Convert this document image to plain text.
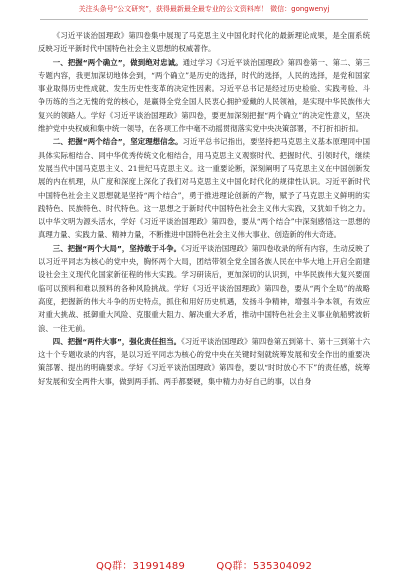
关注头条号“公文研究”，获得最新最全最专业的公文资料库！ 微信：gongwenyj

《习近平谈治国理政》第四卷集中展现了马克思主义中国化时代化的最新理论成果，是全面系统反映习近平新时代中国特色社会主义思想的权威著作。

一、把握“两个确立”，做到绝对忠诚。通过学习《习近平谈治国理政》第四卷第一、第二、第三专题内容，我更加深切地体会到，“两个确立”是历史的选择，时代的选择，人民的选择，是党和国家事业取得历史性成就、发生历史性变革的决定性因素。习近平总书记是经过历史检验、实践考验、斗争历练的当之无愧的党的核心，是赢得全党全国人民衷心拥护爱戴的人民领袖，是实现中华民族伟大复兴的领路人。学好《习近平谈治国理政》第四卷，要更加深刻把握“两个确立”的决定性意义，坚决维护党中央权威和集中统一领导，在各项工作中毫不动摇贯彻落实党中央决策部署，不打折扣折扣。

二、把握“两个结合”，坚定理想信念。习近平总书记指出，要坚持把马克思主义基本原理同中国具体实际相结合、同中华优秀传统文化相结合，用马克思主义观察时代、把握时代、引领时代，继续发展当代中国马克思主义、21世纪马克思主义。这一重要论断，深刻阐明了马克思主义在中国创新发展的内在机理，从广度和深度上深化了我们对马克思主义中国化时代化的规律性认识。习近平新时代中国特色社会主义思想就是坚持“两个结合”，勇于推进理论创新的产物，赋予了马克思主义鲜明的实践特色、民族特色、时代特色。这一思想之于新时代中国特色社会主义伟大实践，又犹如千钧之力。以中华文明为源头活水，学好《习近平谈治国理政》第四卷，要从“两个结合”中深刻感悟这一思想的真理力量、实践力量、精神力量，不断推进中国特色社会主义伟大事业、创造新的伟大奇迹。

三、把握“两个大局”，坚持敢于斗争。《习近平谈治国理政》第四卷收录的所有内容，生动反映了以习近平同志为核心的党中央，胸怀两个大局，团结带领全党全国各族人民在中华大地上开启全面建设社会主义现代化国家新征程的伟大实践。学习研读后，更加深切的认识到，中华民族伟大复兴要面临可以预料和难以预料的各种风险挑战。学好《习近平谈治国理政》第四卷，要从“两个全局”的战略高度，把握新的伟大斗争的历史特点，抓住和用好历史机遇，发扬斗争精神，增强斗争本领，有效应对重大挑战、抵御重大风险、克服重大阻力、解决重大矛盾，推动中国特色社会主义事业航船劈波斩浪、一往无前。

四、把握“两件大事”，强化责任担当。《习近平谈治国理政》第四卷第五到第十、第十三到第十六这十个专题收录的内容，是以习近平同志为核心的党中央在关键时刻就统筹发展和安全作出的重要决策部署、提出的明确要求。学好《习近平谈治国理政》第四卷，要以“时时放心不下”的责任感，统筹好发展和安全两件大事，做到两手抓、两手都要硬，集中精力办好自己的事，以自身

QQ群：31991489	QQ群：535304092
